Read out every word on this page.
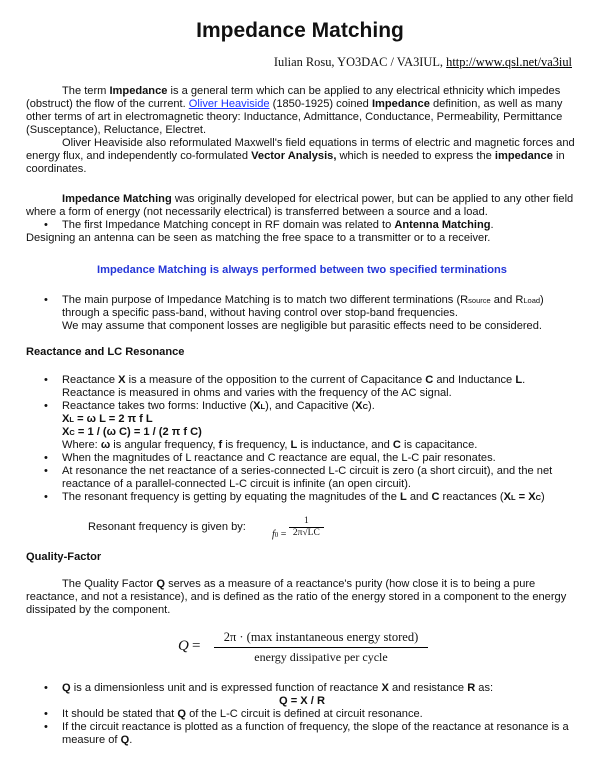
Impedance Matching
Iulian Rosu, YO3DAC / VA3IUL, http://www.qsl.net/va3iul

The term Impedance is a general term which can be applied to any electrical ethnicity which impedes (obstruct) the flow of the current. Oliver Heaviside (1850-1925) coined Impedance definition, as well as many other terms of art in electromagnetic theory: Inductance, Admittance, Conductance, Permeability, Permittance (Susceptance), Reluctance, Electret.

Oliver Heaviside also reformulated Maxwell's field equations in terms of electric and magnetic forces and energy flux, and independently co-formulated Vector Analysis, which is needed to express the impedance in coordinates.

Impedance Matching was originally developed for electrical power, but can be applied to any other field where a form of energy (not necessarily electrical) is transferred between a source and a load.

• The first Impedance Matching concept in RF domain was related to Antenna Matching.

Designing an antenna can be seen as matching the free space to a transmitter or to a receiver.

Impedance Matching is always performed between two specified terminations
• The main purpose of Impedance Matching is to match two different terminations (Rsource and RLoad) through a specific pass-band, without having control over stop-band frequencies.
We may assume that component losses are negligible but parasitic effects need to be considered.
Reactance and LC Resonance
• Reactance X is a measure of the opposition to the current of Capacitance C and Inductance L. Reactance is measured in ohms and varies with the frequency of the AC signal.
• Reactance takes two forms: Inductive (XL), and Capacitive (XC).
XL = ω L = 2 π f L
XC = 1 / (ω C) = 1 / (2 π f C)
Where: ω is angular frequency, f is frequency, L is inductance, and C is capacitance.
• When the magnitudes of L reactance and C reactance are equal, the L-C pair resonates.
• At resonance the net reactance of a series-connected L-C circuit is zero (a short circuit), and the net reactance of a parallel-connected L-C circuit is infinite (an open circuit).
• The resonant frequency is getting by equating the magnitudes of the L and C reactances (XL = XC)
Resonant frequency is given by:
$f0 = \frac{1}{2\pi√LC}$
Quality-Factor

The Quality Factor Q serves as a measure of a reactance's purity (how close it is to being a pure reactance, and not a resistance), and is defined as the ratio of the energy stored in a component to the energy dissipated by the component.

Q =
2π · (max instantaneous energy stored)
energy dissipative per cycle
• Q is a dimensionless unit and is expressed function of reactance X and resistance R as:
Q = X / R
• It should be stated that Q of the L-C circuit is defined at circuit resonance.
• If the circuit reactance is plotted as a function of frequency, the slope of the reactance at resonance is a measure of Q.
